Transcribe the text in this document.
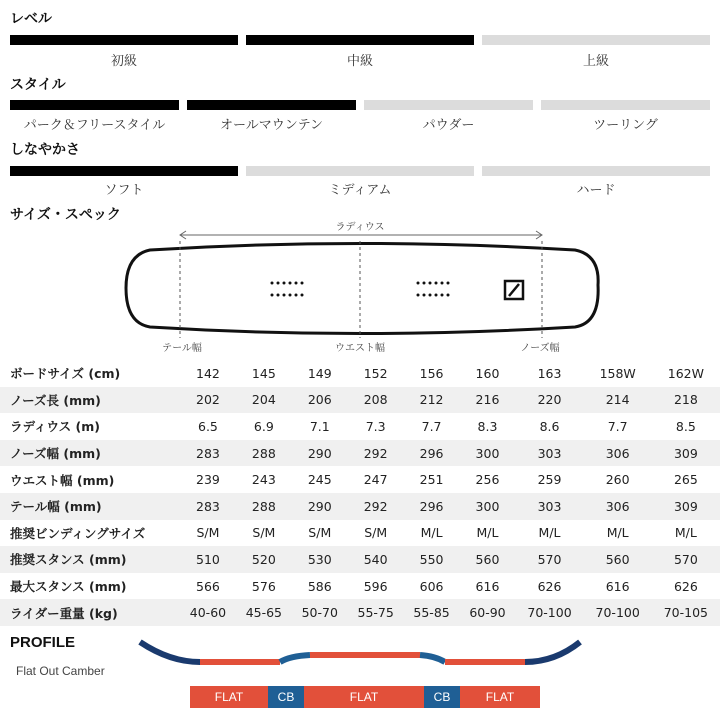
レベル
初級	中級	上級
スタイル
パーク＆フリースタイル	オールマウンテン	パウダー	ツーリング
しなやかさ
ソフト	ミディアム	ハード
サイズ・スペック
ラディウス
テール幅	ウエスト幅	ノーズ幅
ボードサイズ (cm)	142	145	149	152	156	160	163	158W	162W
ノーズ長 (mm)	202	204	206	208	212	216	220	214	218
ラディウス (m)	6.5	6.9	7.1	7.3	7.7	8.3	8.6	7.7	8.5
ノーズ幅 (mm)	283	288	290	292	296	300	303	306	309
ウエスト幅 (mm)	239	243	245	247	251	256	259	260	265
テール幅 (mm)	283	288	290	292	296	300	303	306	309
推奨ビンディングサイズ	S/M	S/M	S/M	S/M	M/L	M/L	M/L	M/L	M/L
推奨スタンス (mm)	510	520	530	540	550	560	570	560	570
最大スタンス (mm)	566	576	586	596	606	616	626	616	626
ライダー重量 (kg)	40-60	45-65	50-70	55-75	55-85	60-90	70-100	70-100	70-105
PROFILE
Flat Out Camber
FLAT	CB	FLAT	CB	FLAT
